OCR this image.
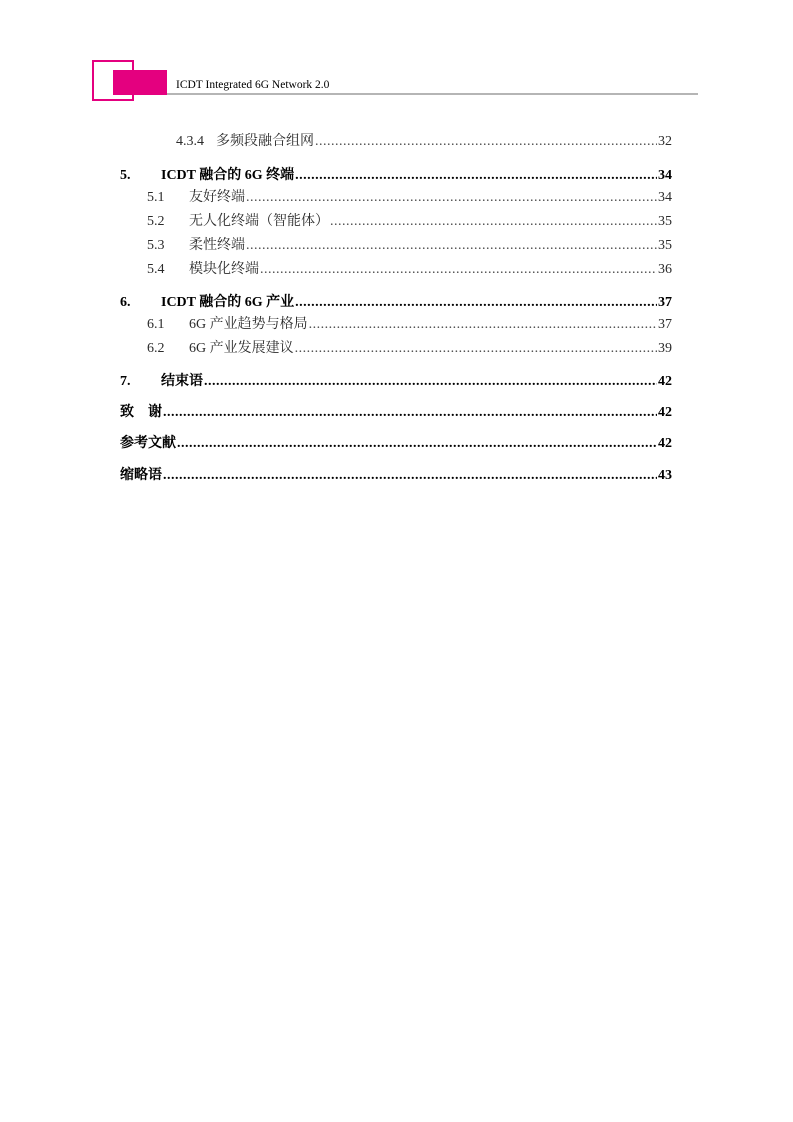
ICDT Integrated 6G Network 2.0
4.3.4 多频段融合组网 .....	32
5.	ICDT 融合的 6G 终端 .....	34
5.1	友好终端 .....	34
5.2	无人化终端（智能体） .....	35
5.3	柔性终端 .....	35
5.4	模块化终端 .....	36
6.	ICDT 融合的 6G 产业 .....	37
6.1	6G 产业趋势与格局 .....	37
6.2	6G 产业发展建议 .....	39
7.	结束语 .....	42
致　谢 .....	42
参考文献 .....	42
缩略语 .....	43
